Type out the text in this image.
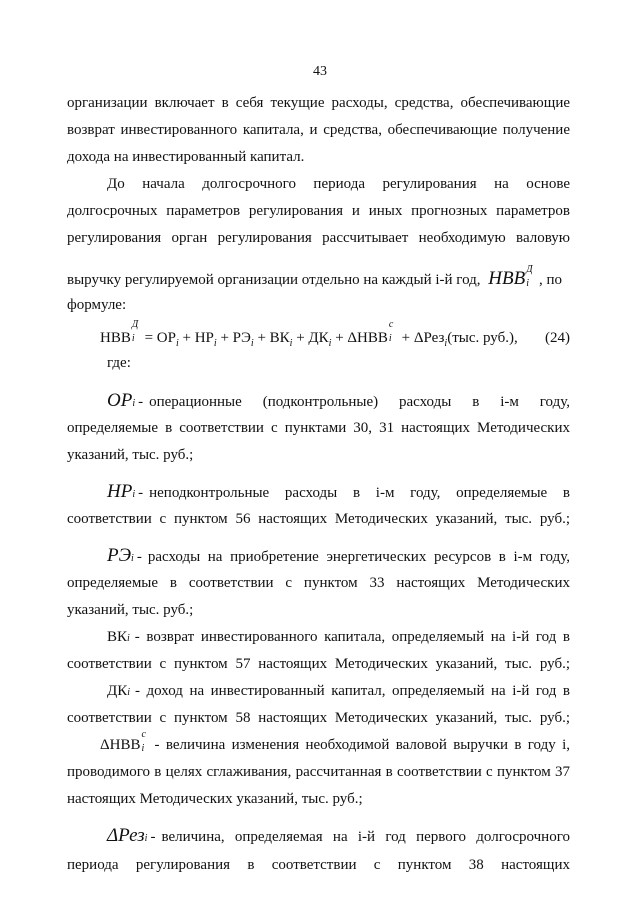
43
организации включает в себя текущие расходы, средства, обеспечивающие
возврат инвестированного капитала, и средства, обеспечивающие получение
дохода на инвестированный капитал.
До начала долгосрочного периода регулирования на основе
долгосрочных параметров регулирования и иных прогнозных параметров
регулирования орган регулирования рассчитывает необходимую валовую
выручку регулируемой организации отдельно на каждый i-й год, НВВ Д
i , по
формуле:
НВВ
Д
$i = ОР_i + НР_i + РЭ_i + ВК_i + ДК_i + \Delta НВВ$
с
i + ΔРез$_i$(тыс. руб.), (24)
где:
ОР i - операционные (подконтрольные) расходы в i-м году,
определяемые в соответствии с пунктами 30, 31 настоящих Методических
указаний, тыс. руб.;
НР i - неподконтрольные расходы в i-м году, определяемые в
соответствии с пунктом 56 настоящих Методических указаний, тыс. руб.;
РЭ i - расходы на приобретение энергетических ресурсов в i-м году,
определяемые в соответствии с пунктом 33 настоящих Методических
указаний, тыс. руб.;
ВК i - возврат инвестированного капитала, определяемый на i-й год в
соответствии с пунктом 57 настоящих Методических указаний, тыс. руб.;
ДК i - доход на инвестированный капитал, определяемый на i-й год в
соответствии с пунктом 58 настоящих Методических указаний, тыс. руб.;
ΔНВВ
с
i - величина изменения необходимой валовой выручки в году i,
проводимого в целях сглаживания, рассчитанная в соответствии с пунктом 37
настоящих Методических указаний, тыс. руб.;
ΔРез i - величина, определяемая на i-й год первого долгосрочного
периода регулирования в соответствии с пунктом 38 настоящих
